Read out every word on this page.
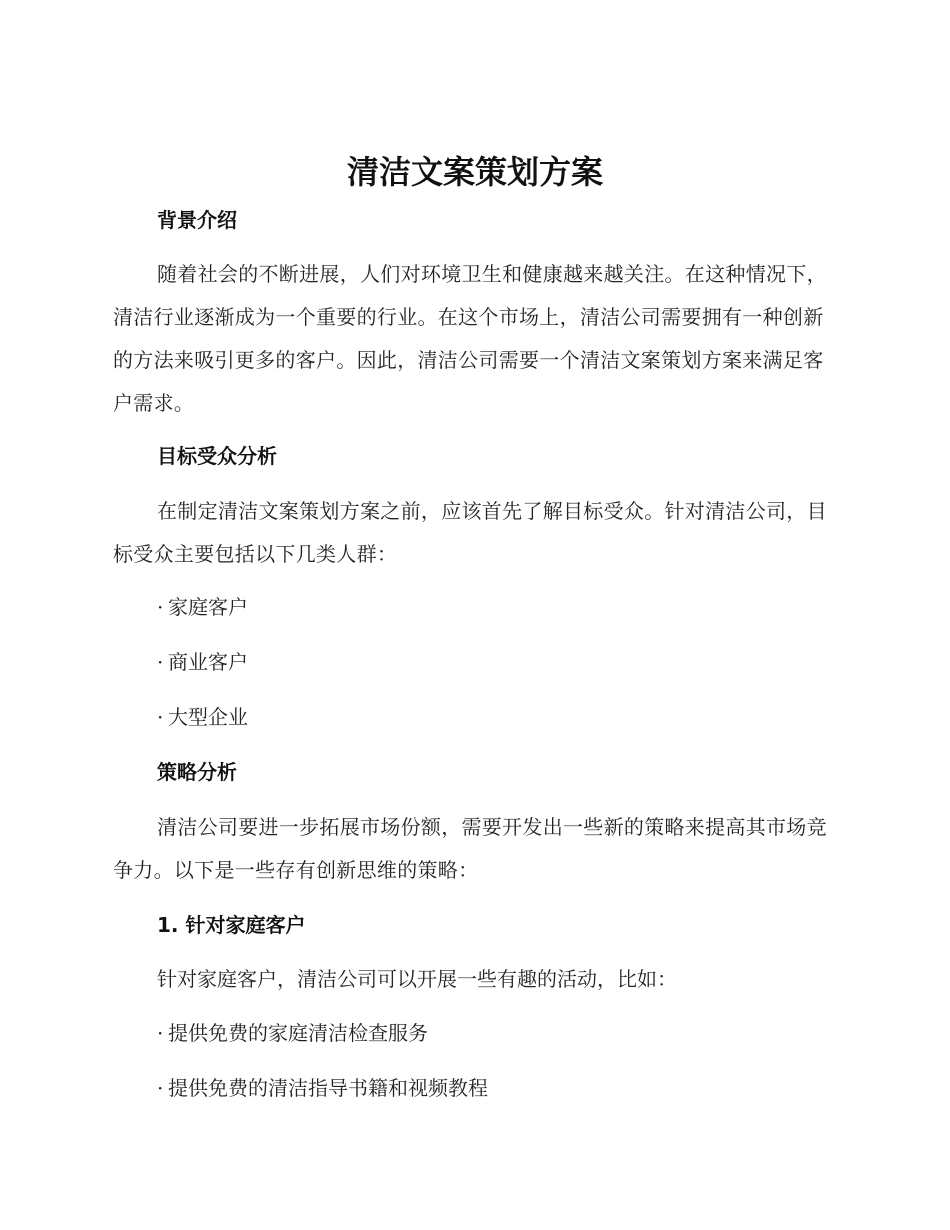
清洁文案策划方案
背景介绍
随着社会的不断进展，人们对环境卫生和健康越来越关注。在这种情况下，清洁行业逐渐成为一个重要的行业。在这个市场上，清洁公司需要拥有一种创新的方法来吸引更多的客户。因此，清洁公司需要一个清洁文案策划方案来满足客户需求。
目标受众分析
在制定清洁文案策划方案之前，应该首先了解目标受众。针对清洁公司，目标受众主要包括以下几类人群：
· 家庭客户
· 商业客户
· 大型企业
策略分析
清洁公司要进一步拓展市场份额，需要开发出一些新的策略来提高其市场竞争力。以下是一些存有创新思维的策略：
1. 针对家庭客户
针对家庭客户，清洁公司可以开展一些有趣的活动，比如：
· 提供免费的家庭清洁检查服务
· 提供免费的清洁指导书籍和视频教程
